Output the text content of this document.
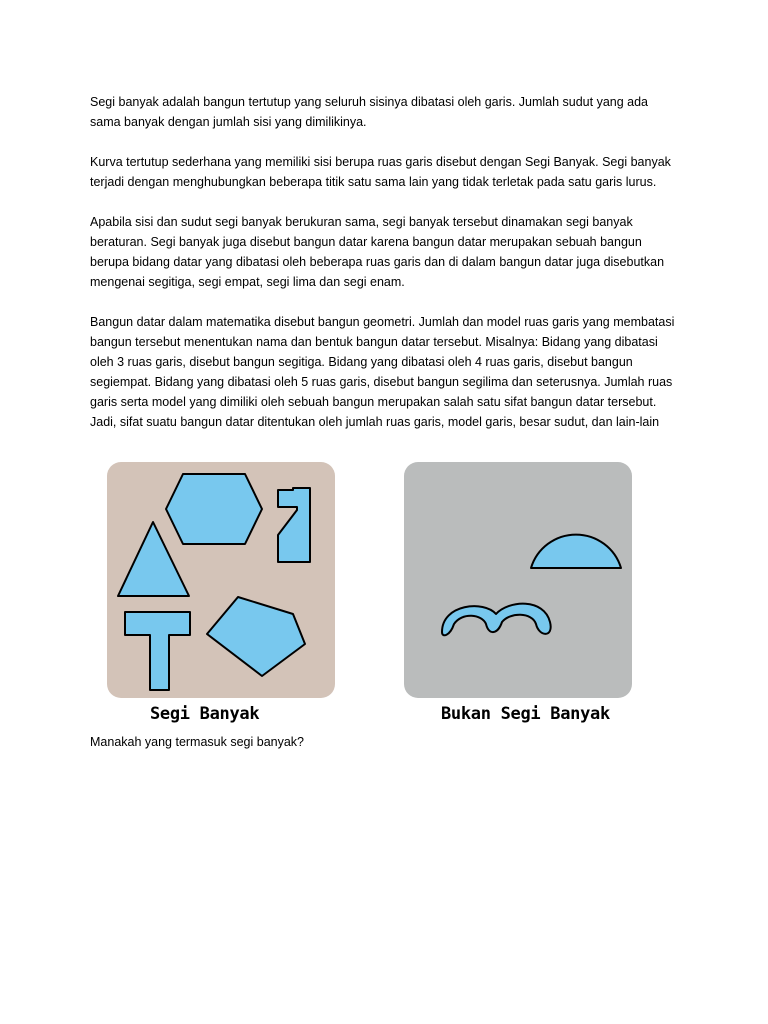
Segi banyak adalah bangun tertutup yang seluruh sisinya dibatasi oleh garis. Jumlah sudut yang ada sama banyak dengan jumlah sisi yang dimilikinya.

Kurva tertutup sederhana yang memiliki sisi berupa ruas garis disebut dengan Segi Banyak. Segi banyak terjadi dengan menghubungkan beberapa titik satu sama lain yang tidak terletak pada satu garis lurus.

Apabila sisi dan sudut segi banyak berukuran sama, segi banyak tersebut dinamakan segi banyak beraturan. Segi banyak juga disebut bangun datar karena bangun datar merupakan sebuah bangun berupa bidang datar yang dibatasi oleh beberapa ruas garis dan di dalam bangun datar juga disebutkan mengenai segitiga, segi empat, segi lima dan segi enam.

Bangun datar dalam matematika disebut bangun geometri. Jumlah dan model ruas garis yang membatasi bangun tersebut menentukan nama dan bentuk bangun datar tersebut. Misalnya: Bidang yang dibatasi oleh 3 ruas garis, disebut bangun segitiga. Bidang yang dibatasi oleh 4 ruas garis, disebut bangun segiempat. Bidang yang dibatasi oleh 5 ruas garis, disebut bangun segilima dan seterusnya. Jumlah ruas garis serta model yang dimiliki oleh sebuah bangun merupakan salah satu sifat bangun datar tersebut. Jadi, sifat suatu bangun datar ditentukan oleh jumlah ruas garis, model garis, besar sudut, dan lain-lain

Segi Banyak	Bukan Segi Banyak

Manakah yang termasuk segi banyak?
